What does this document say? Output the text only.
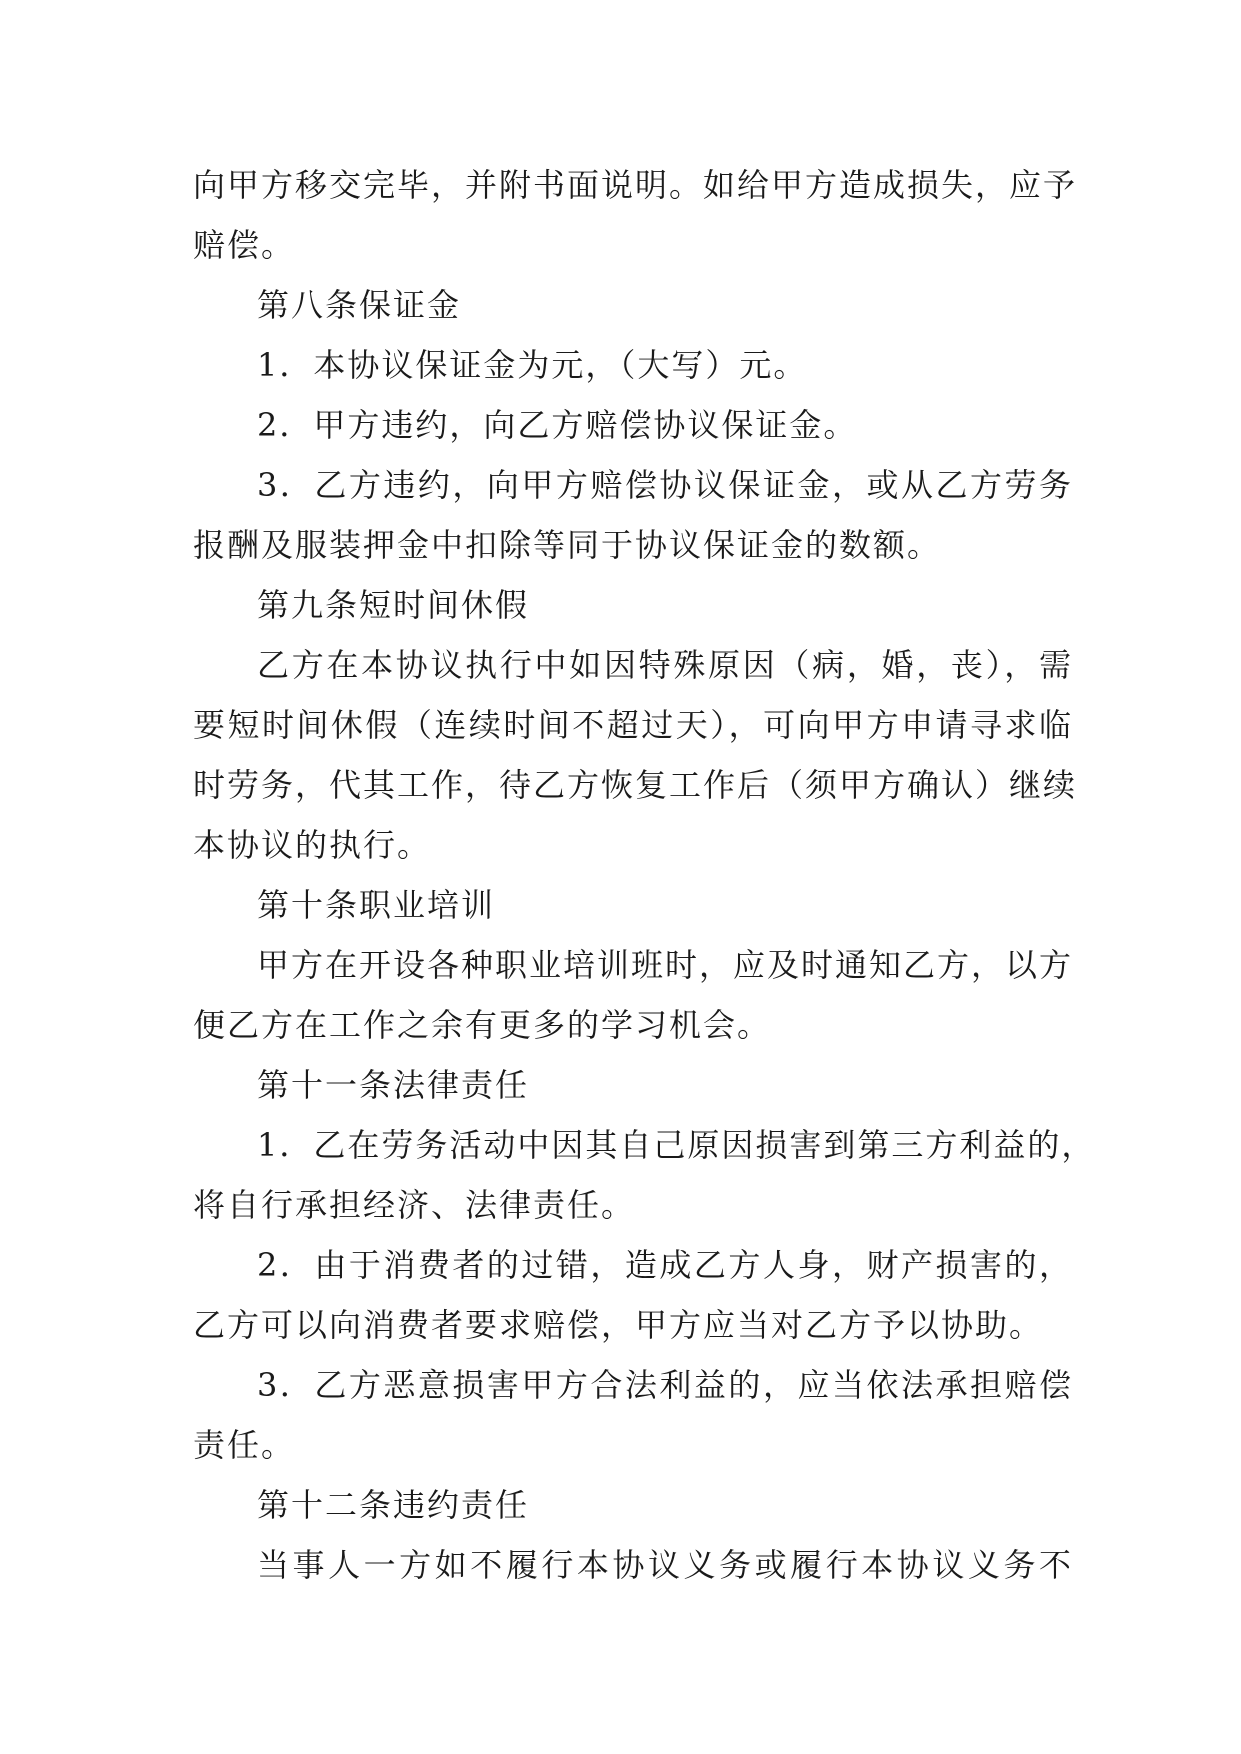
向甲方移交完毕，并附书面说明。如给甲方造成损失，应予
赔偿。
第八条保证金
1．本协议保证金为元，（大写）元。
2．甲方违约，向乙方赔偿协议保证金。
3．乙方违约，向甲方赔偿协议保证金，或从乙方劳务
报酬及服装押金中扣除等同于协议保证金的数额。
第九条短时间休假
乙方在本协议执行中如因特殊原因（病，婚，丧），需
要短时间休假（连续时间不超过天），可向甲方申请寻求临
时劳务，代其工作，待乙方恢复工作后（须甲方确认）继续
本协议的执行。
第十条职业培训
甲方在开设各种职业培训班时，应及时通知乙方，以方
便乙方在工作之余有更多的学习机会。
第十一条法律责任
1．乙在劳务活动中因其自己原因损害到第三方利益的，
将自行承担经济、法律责任。
2．由于消费者的过错，造成乙方人身，财产损害的，
乙方可以向消费者要求赔偿，甲方应当对乙方予以协助。
3．乙方恶意损害甲方合法利益的，应当依法承担赔偿
责任。
第十二条违约责任
当事人一方如不履行本协议义务或履行本协议义务不
